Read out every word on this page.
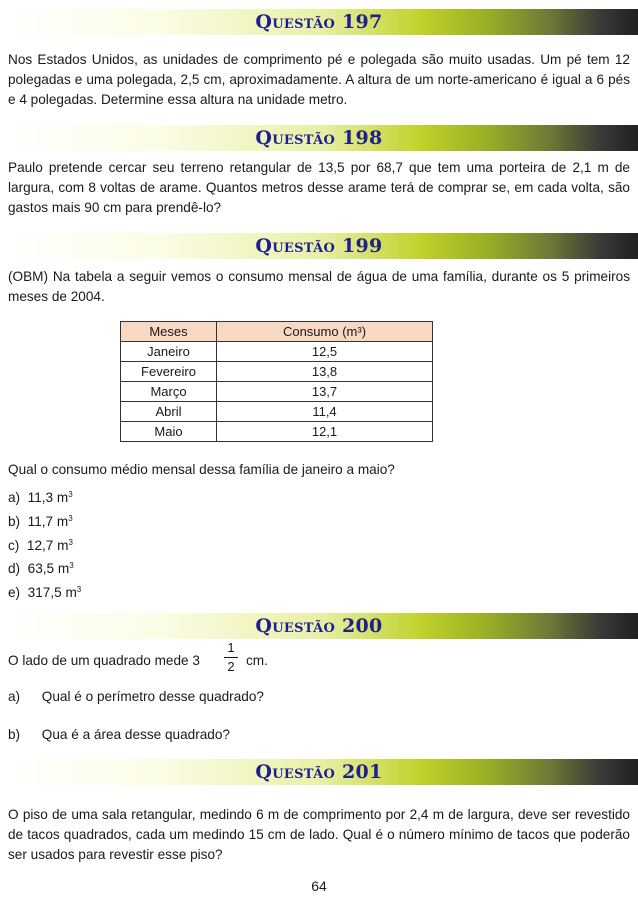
Questão 197
Nos Estados Unidos, as unidades de comprimento pé e polegada são muito usadas. Um pé tem 12 polegadas e uma polegada, 2,5 cm, aproximadamente. A altura de um norte-americano é igual a 6 pés e 4 polegadas. Determine essa altura na unidade metro.
Questão 198
Paulo pretende cercar seu terreno retangular de 13,5 por 68,7 que tem uma porteira de 2,1 m de largura, com 8 voltas de arame. Quantos metros desse arame terá de comprar se, em cada volta, são gastos mais 90 cm para prendê-lo?
Questão 199
(OBM) Na tabela a seguir vemos o consumo mensal de água de uma família, durante os 5 primeiros meses de 2004.
Meses	Consumo (m³)
Janeiro	12,5
Fevereiro	13,8
Março	13,7
Abril	11,4
Maio	12,1
Qual o consumo médio mensal dessa família de janeiro a maio?
a) 11,3 $m^3$
b) 11,7 $m^3$
c) 12,7 $m^3$
d) 63,5 $m^3$
e) 317,5 $m^3$
Questão 200
O lado de um quadrado mede 3
1
2 cm.
a) Qual é o perímetro desse quadrado?
b) Qua é a área desse quadrado?
Questão 201
O piso de uma sala retangular, medindo 6 m de comprimento por 2,4 m de largura, deve ser revestido de tacos quadrados, cada um medindo 15 cm de lado. Qual é o número mínimo de tacos que poderão ser usados para revestir esse piso?
64
